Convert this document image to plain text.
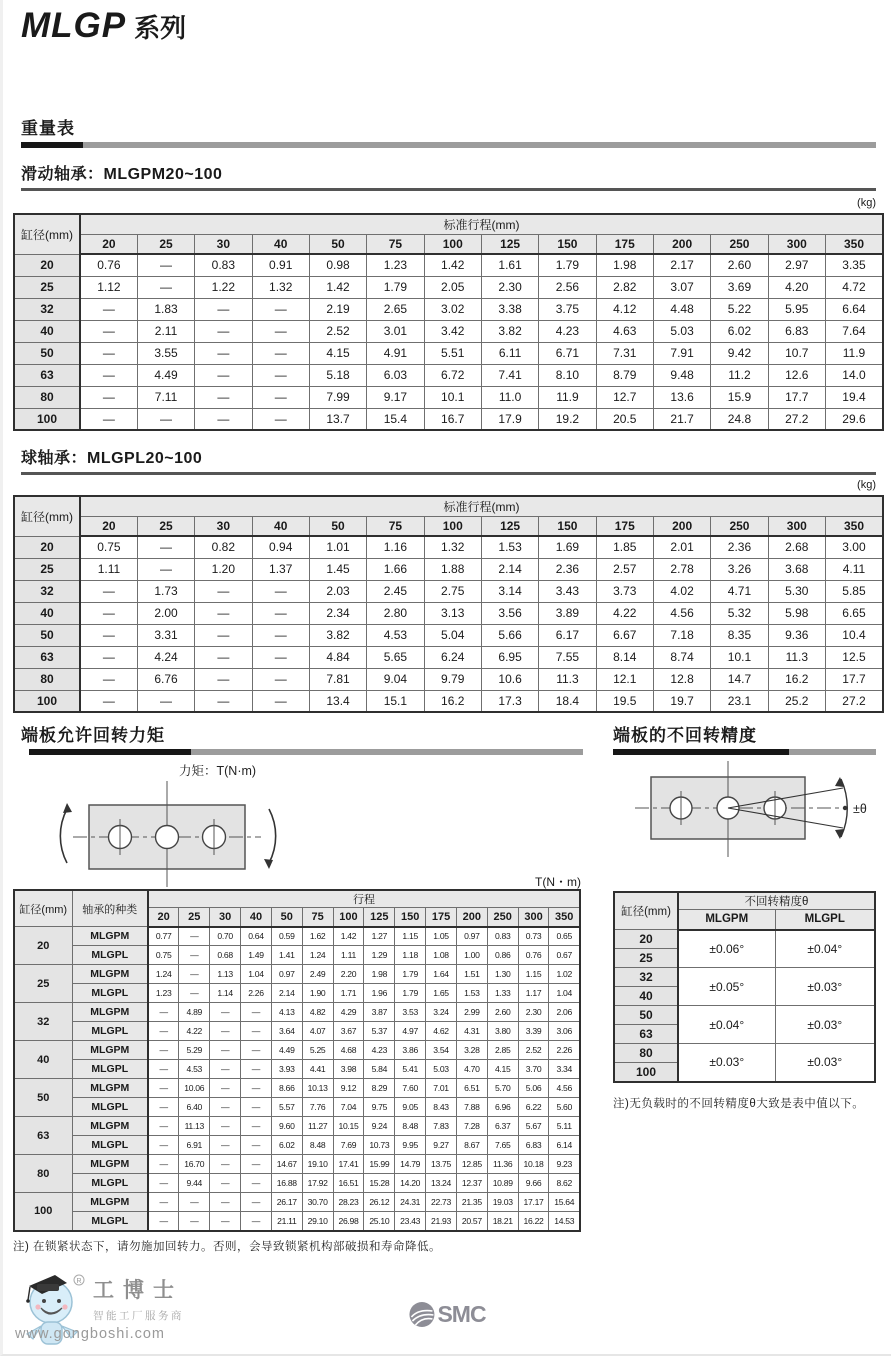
MLGP 系列
重量表
滑动轴承：MLGPM20~100
(kg)
缸径(mm)	标准行程(mm)													
	20	25	30	40	50	75	100	125	150	175	200	250	300	350
20	0.76	—	0.83	0.91	0.98	1.23	1.42	1.61	1.79	1.98	2.17	2.60	2.97	3.35
25	1.12	—	1.22	1.32	1.42	1.79	2.05	2.30	2.56	2.82	3.07	3.69	4.20	4.72
32	—	1.83	—	—	2.19	2.65	3.02	3.38	3.75	4.12	4.48	5.22	5.95	6.64
40	—	2.11	—	—	2.52	3.01	3.42	3.82	4.23	4.63	5.03	6.02	6.83	7.64
50	—	3.55	—	—	4.15	4.91	5.51	6.11	6.71	7.31	7.91	9.42	10.7	11.9
63	—	4.49	—	—	5.18	6.03	6.72	7.41	8.10	8.79	9.48	11.2	12.6	14.0
80	—	7.11	—	—	7.99	9.17	10.1	11.0	11.9	12.7	13.6	15.9	17.7	19.4
100	—	—	—	—	13.7	15.4	16.7	17.9	19.2	20.5	21.7	24.8	27.2	29.6
球轴承：MLGPL20~100
(kg)
缸径(mm)	标准行程(mm)													
	20	25	30	40	50	75	100	125	150	175	200	250	300	350
20	0.75	—	0.82	0.94	1.01	1.16	1.32	1.53	1.69	1.85	2.01	2.36	2.68	3.00
25	1.11	—	1.20	1.37	1.45	1.66	1.88	2.14	2.36	2.57	2.78	3.26	3.68	4.11
32	—	1.73	—	—	2.03	2.45	2.75	3.14	3.43	3.73	4.02	4.71	5.30	5.85
40	—	2.00	—	—	2.34	2.80	3.13	3.56	3.89	4.22	4.56	5.32	5.98	6.65
50	—	3.31	—	—	3.82	4.53	5.04	5.66	6.17	6.67	7.18	8.35	9.36	10.4
63	—	4.24	—	—	4.84	5.65	6.24	6.95	7.55	8.14	8.74	10.1	11.3	12.5
80	—	6.76	—	—	7.81	9.04	9.79	10.6	11.3	12.1	12.8	14.7	16.2	17.7
100	—	—	—	—	13.4	15.1	16.2	17.3	18.4	19.5	19.7	23.1	25.2	27.2
端板允许回转力矩
力矩：T(N·m)
T(N・m)
缸径(mm)	轴承的种类	行程													
		20	25	30	40	50	75	100	125	150	175	200	250	300	350
20	MLGPM	0.77	—	0.70	0.64	0.59	1.62	1.42	1.27	1.15	1.05	0.97	0.83	0.73	0.65
	MLGPL	0.75	—	0.68	1.49	1.41	1.24	1.11	1.29	1.18	1.08	1.00	0.86	0.76	0.67
25	MLGPM	1.24	—	1.13	1.04	0.97	2.49	2.20	1.98	1.79	1.64	1.51	1.30	1.15	1.02
	MLGPL	1.23	—	1.14	2.26	2.14	1.90	1.71	1.96	1.79	1.65	1.53	1.33	1.17	1.04
32	MLGPM	—	4.89	—	—	4.13	4.82	4.29	3.87	3.53	3.24	2.99	2.60	2.30	2.06
	MLGPL	—	4.22	—	—	3.64	4.07	3.67	5.37	4.97	4.62	4.31	3.80	3.39	3.06
40	MLGPM	—	5.29	—	—	4.49	5.25	4.68	4.23	3.86	3.54	3.28	2.85	2.52	2.26
	MLGPL	—	4.53	—	—	3.93	4.41	3.98	5.84	5.41	5.03	4.70	4.15	3.70	3.34
50	MLGPM	—	10.06	—	—	8.66	10.13	9.12	8.29	7.60	7.01	6.51	5.70	5.06	4.56
	MLGPL	—	6.40	—	—	5.57	7.76	7.04	9.75	9.05	8.43	7.88	6.96	6.22	5.60
63	MLGPM	—	11.13	—	—	9.60	11.27	10.15	9.24	8.48	7.83	7.28	6.37	5.67	5.11
	MLGPL	—	6.91	—	—	6.02	8.48	7.69	10.73	9.95	9.27	8.67	7.65	6.83	6.14
80	MLGPM	—	16.70	—	—	14.67	19.10	17.41	15.99	14.79	13.75	12.85	11.36	10.18	9.23
	MLGPL	—	9.44	—	—	16.88	17.92	16.51	15.28	14.20	13.24	12.37	10.89	9.66	8.62
100	MLGPM	—	—	—	—	26.17	30.70	28.23	26.12	24.31	22.73	21.35	19.03	17.17	15.64
	MLGPL	—	—	—	—	21.11	29.10	26.98	25.10	23.43	21.93	20.57	18.21	16.22	14.53
注) 在锁紧状态下，请勿施加回转力。否则，会导致锁紧机构部破损和寿命降低。
端板的不回转精度
±θ
缸径(mm)	不回转精度θ	
	MLGPM	MLGPL
20	±0.06°	±0.04°
25		
32	±0.05°	±0.03°
40		
50	±0.04°	±0.03°
63		
80	±0.03°	±0.03°
100		
注)无负载时的不回转精度θ大致是表中值以下。
R 工博士
智能工厂服务商
www.gongboshi.com
SMC
